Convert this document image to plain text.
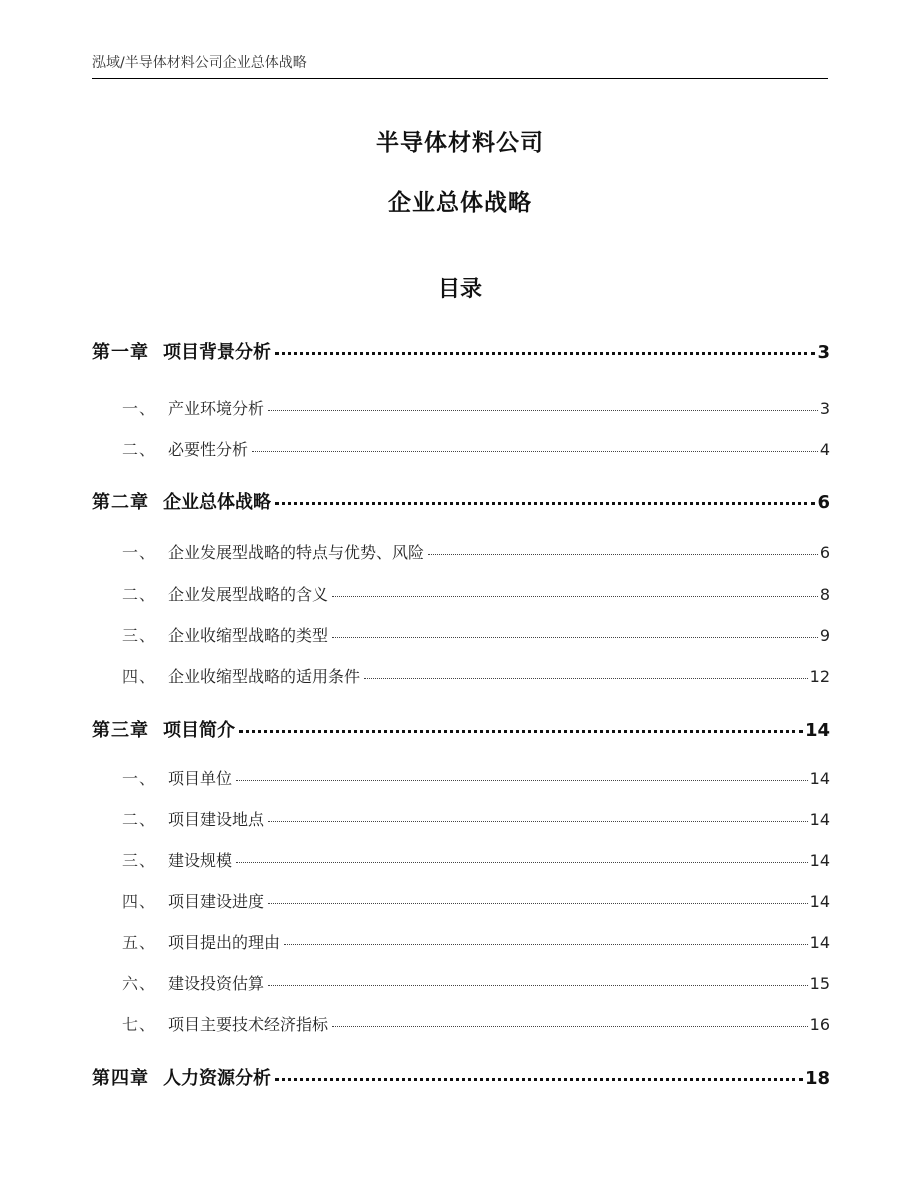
泓域/半导体材料公司企业总体战略
半导体材料公司
企业总体战略
目录
第一章 项目背景分析	3
一、 产业环境分析	3
二、 必要性分析	4
第二章 企业总体战略	6
一、 企业发展型战略的特点与优势、风险	6
二、 企业发展型战略的含义	8
三、 企业收缩型战略的类型	9
四、 企业收缩型战略的适用条件	12
第三章 项目简介	14
一、 项目单位	14
二、 项目建设地点	14
三、 建设规模	14
四、 项目建设进度	14
五、 项目提出的理由	14
六、 建设投资估算	15
七、 项目主要技术经济指标	16
第四章 人力资源分析	18
